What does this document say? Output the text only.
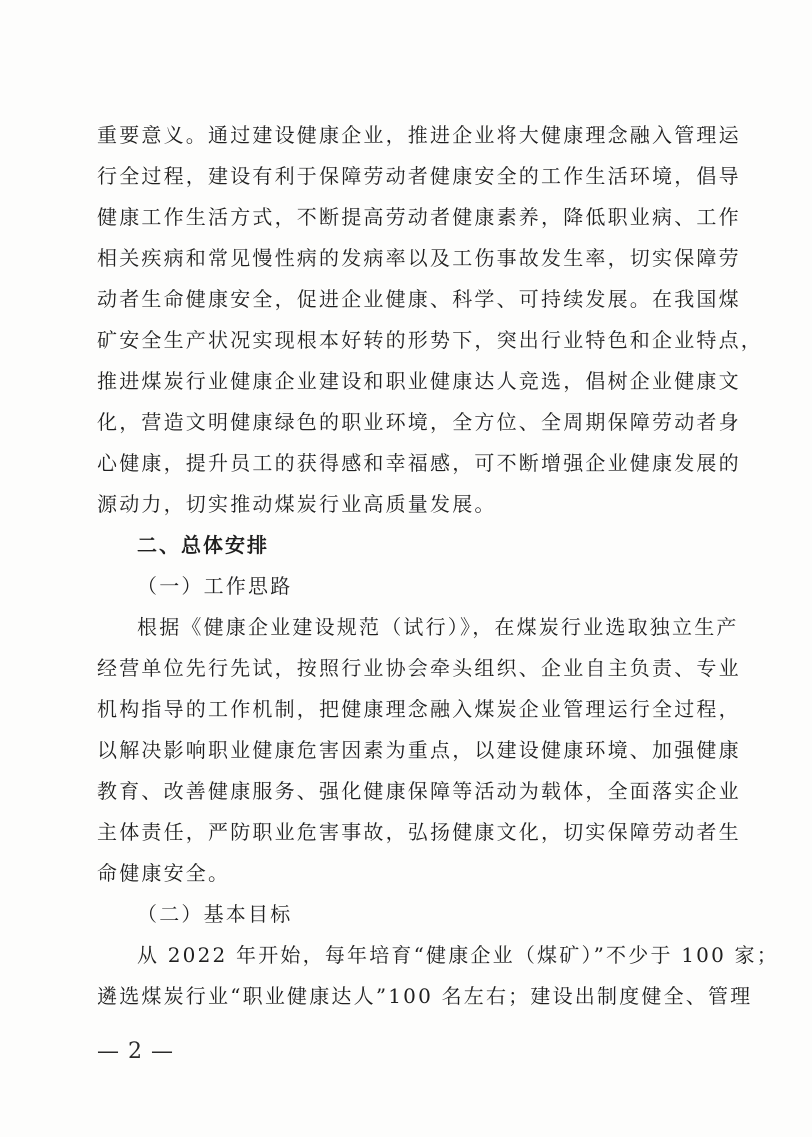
重要意义。通过建设健康企业，推进企业将大健康理念融入管理运
行全过程，建设有利于保障劳动者健康安全的工作生活环境，倡导
健康工作生活方式，不断提高劳动者健康素养，降低职业病、工作
相关疾病和常见慢性病的发病率以及工伤事故发生率，切实保障劳
动者生命健康安全，促进企业健康、科学、可持续发展。在我国煤
矿安全生产状况实现根本好转的形势下，突出行业特色和企业特点，
推进煤炭行业健康企业建设和职业健康达人竞选，倡树企业健康文
化，营造文明健康绿色的职业环境，全方位、全周期保障劳动者身
心健康，提升员工的获得感和幸福感，可不断增强企业健康发展的
源动力，切实推动煤炭行业高质量发展。
二、总体安排
（一）工作思路
根据《健康企业建设规范（试行）》，在煤炭行业选取独立生产
经营单位先行先试，按照行业协会牵头组织、企业自主负责、专业
机构指导的工作机制，把健康理念融入煤炭企业管理运行全过程，
以解决影响职业健康危害因素为重点，以建设健康环境、加强健康
教育、改善健康服务、强化健康保障等活动为载体，全面落实企业
主体责任，严防职业危害事故，弘扬健康文化，切实保障劳动者生
命健康安全。
（二）基本目标
从 2022 年开始，每年培育“健康企业（煤矿）”不少于 100 家；
遴选煤炭行业“职业健康达人”100 名左右；建设出制度健全、管理
— 2 —
